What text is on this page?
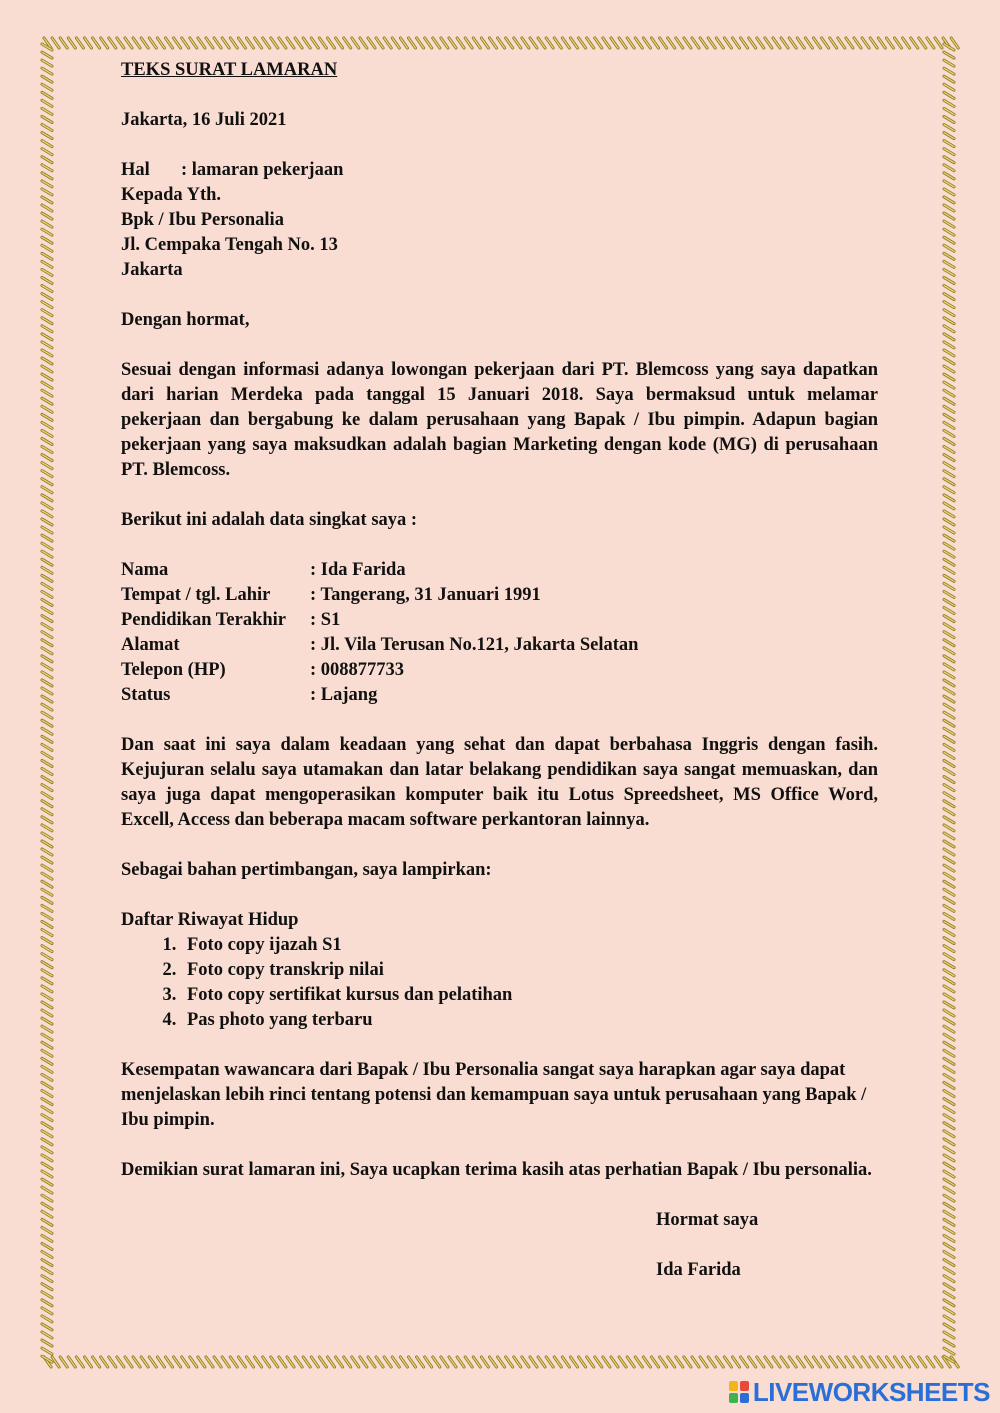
TEKS SURAT LAMARAN
Jakarta, 16 Juli 2021
Hal	: lamaran pekerjaan
Kepada Yth.
Bpk / Ibu Personalia
Jl. Cempaka Tengah No. 13
Jakarta
Dengan hormat,
Sesuai dengan informasi adanya lowongan pekerjaan dari PT. Blemcoss yang saya dapatkan dari harian Merdeka pada tanggal 15 Januari 2018. Saya bermaksud untuk melamar pekerjaan dan bergabung ke dalam perusahaan yang Bapak / Ibu pimpin. Adapun bagian pekerjaan yang saya maksudkan adalah bagian Marketing dengan kode (MG) di perusahaan PT. Blemcoss.
Berikut ini adalah data singkat saya :
Nama	: Ida Farida
Tempat / tgl. Lahir	: Tangerang, 31 Januari 1991
Pendidikan Terakhir	: S1
Alamat	: Jl. Vila Terusan No.121, Jakarta Selatan
Telepon (HP)	: 008877733
Status	: Lajang
Dan saat ini saya dalam keadaan yang sehat dan dapat berbahasa Inggris dengan fasih. Kejujuran selalu saya utamakan dan latar belakang pendidikan saya sangat memuaskan, dan saya juga dapat mengoperasikan komputer baik itu Lotus Spreedsheet, MS Office Word, Excell, Access dan beberapa macam software perkantoran lainnya.
Sebagai bahan pertimbangan, saya lampirkan:
Daftar Riwayat Hidup
1. Foto copy ijazah S1
2. Foto copy transkrip nilai
3. Foto copy sertifikat kursus dan pelatihan
4. Pas photo yang terbaru
Kesempatan wawancara dari Bapak / Ibu Personalia sangat saya harapkan agar saya dapat menjelaskan lebih rinci tentang potensi dan kemampuan saya untuk perusahaan yang Bapak / Ibu pimpin.
Demikian surat lamaran ini, Saya ucapkan terima kasih atas perhatian Bapak / Ibu personalia.
Hormat saya
Ida Farida
LIVEWORKSHEETS
